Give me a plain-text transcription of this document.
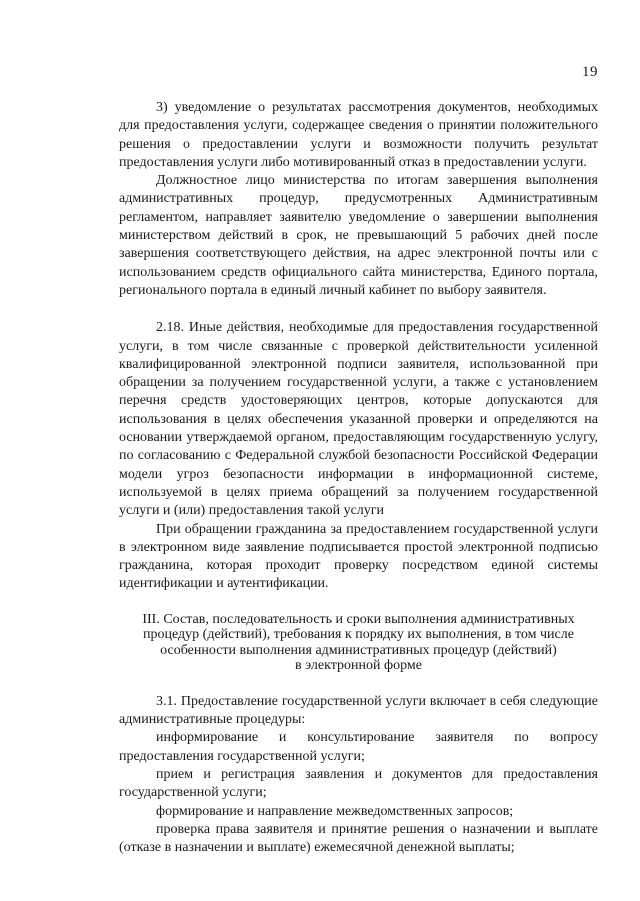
19

3) уведомление о результатах рассмотрения документов, необходимых для предоставления услуги, содержащее сведения о принятии положительного решения о предоставлении услуги и возможности получить результат предоставления услуги либо мотивированный отказ в предоставлении услуги.

Должностное лицо министерства по итогам завершения выполнения административных процедур, предусмотренных Административным регламентом, направляет заявителю уведомление о завершении выполнения министерством действий в срок, не превышающий 5 рабочих дней после завершения соответствующего действия, на адрес электронной почты или с использованием средств официального сайта министерства, Единого портала, регионального портала в единый личный кабинет по выбору заявителя.

2.18. Иные действия, необходимые для предоставления государственной услуги, в том числе связанные с проверкой действительности усиленной квалифицированной электронной подписи заявителя, использованной при обращении за получением государственной услуги, а также с установлением перечня средств удостоверяющих центров, которые допускаются для использования в целях обеспечения указанной проверки и определяются на основании утверждаемой органом, предоставляющим государственную услугу, по согласованию с Федеральной службой безопасности Российской Федерации модели угроз безопасности информации в информационной системе, используемой в целях приема обращений за получением государственной услуги и (или) предоставления такой услуги

При обращении гражданина за предоставлением государственной услуги в электронном виде заявление подписывается простой электронной подписью гражданина, которая проходит проверку посредством единой системы идентификации и аутентификации.

III. Состав, последовательность и сроки выполнения административных
процедур (действий), требования к порядку их выполнения, в том числе
особенности выполнения административных процедур (действий)
в электронной форме

3.1. Предоставление государственной услуги включает в себя следующие административные процедуры:

информирование и консультирование заявителя по вопросу предоставления государственной услуги;

прием и регистрация заявления и документов для предоставления государственной услуги;

формирование и направление межведомственных запросов;

проверка права заявителя и принятие решения о назначении и выплате (отказе в назначении и выплате) ежемесячной денежной выплаты;
